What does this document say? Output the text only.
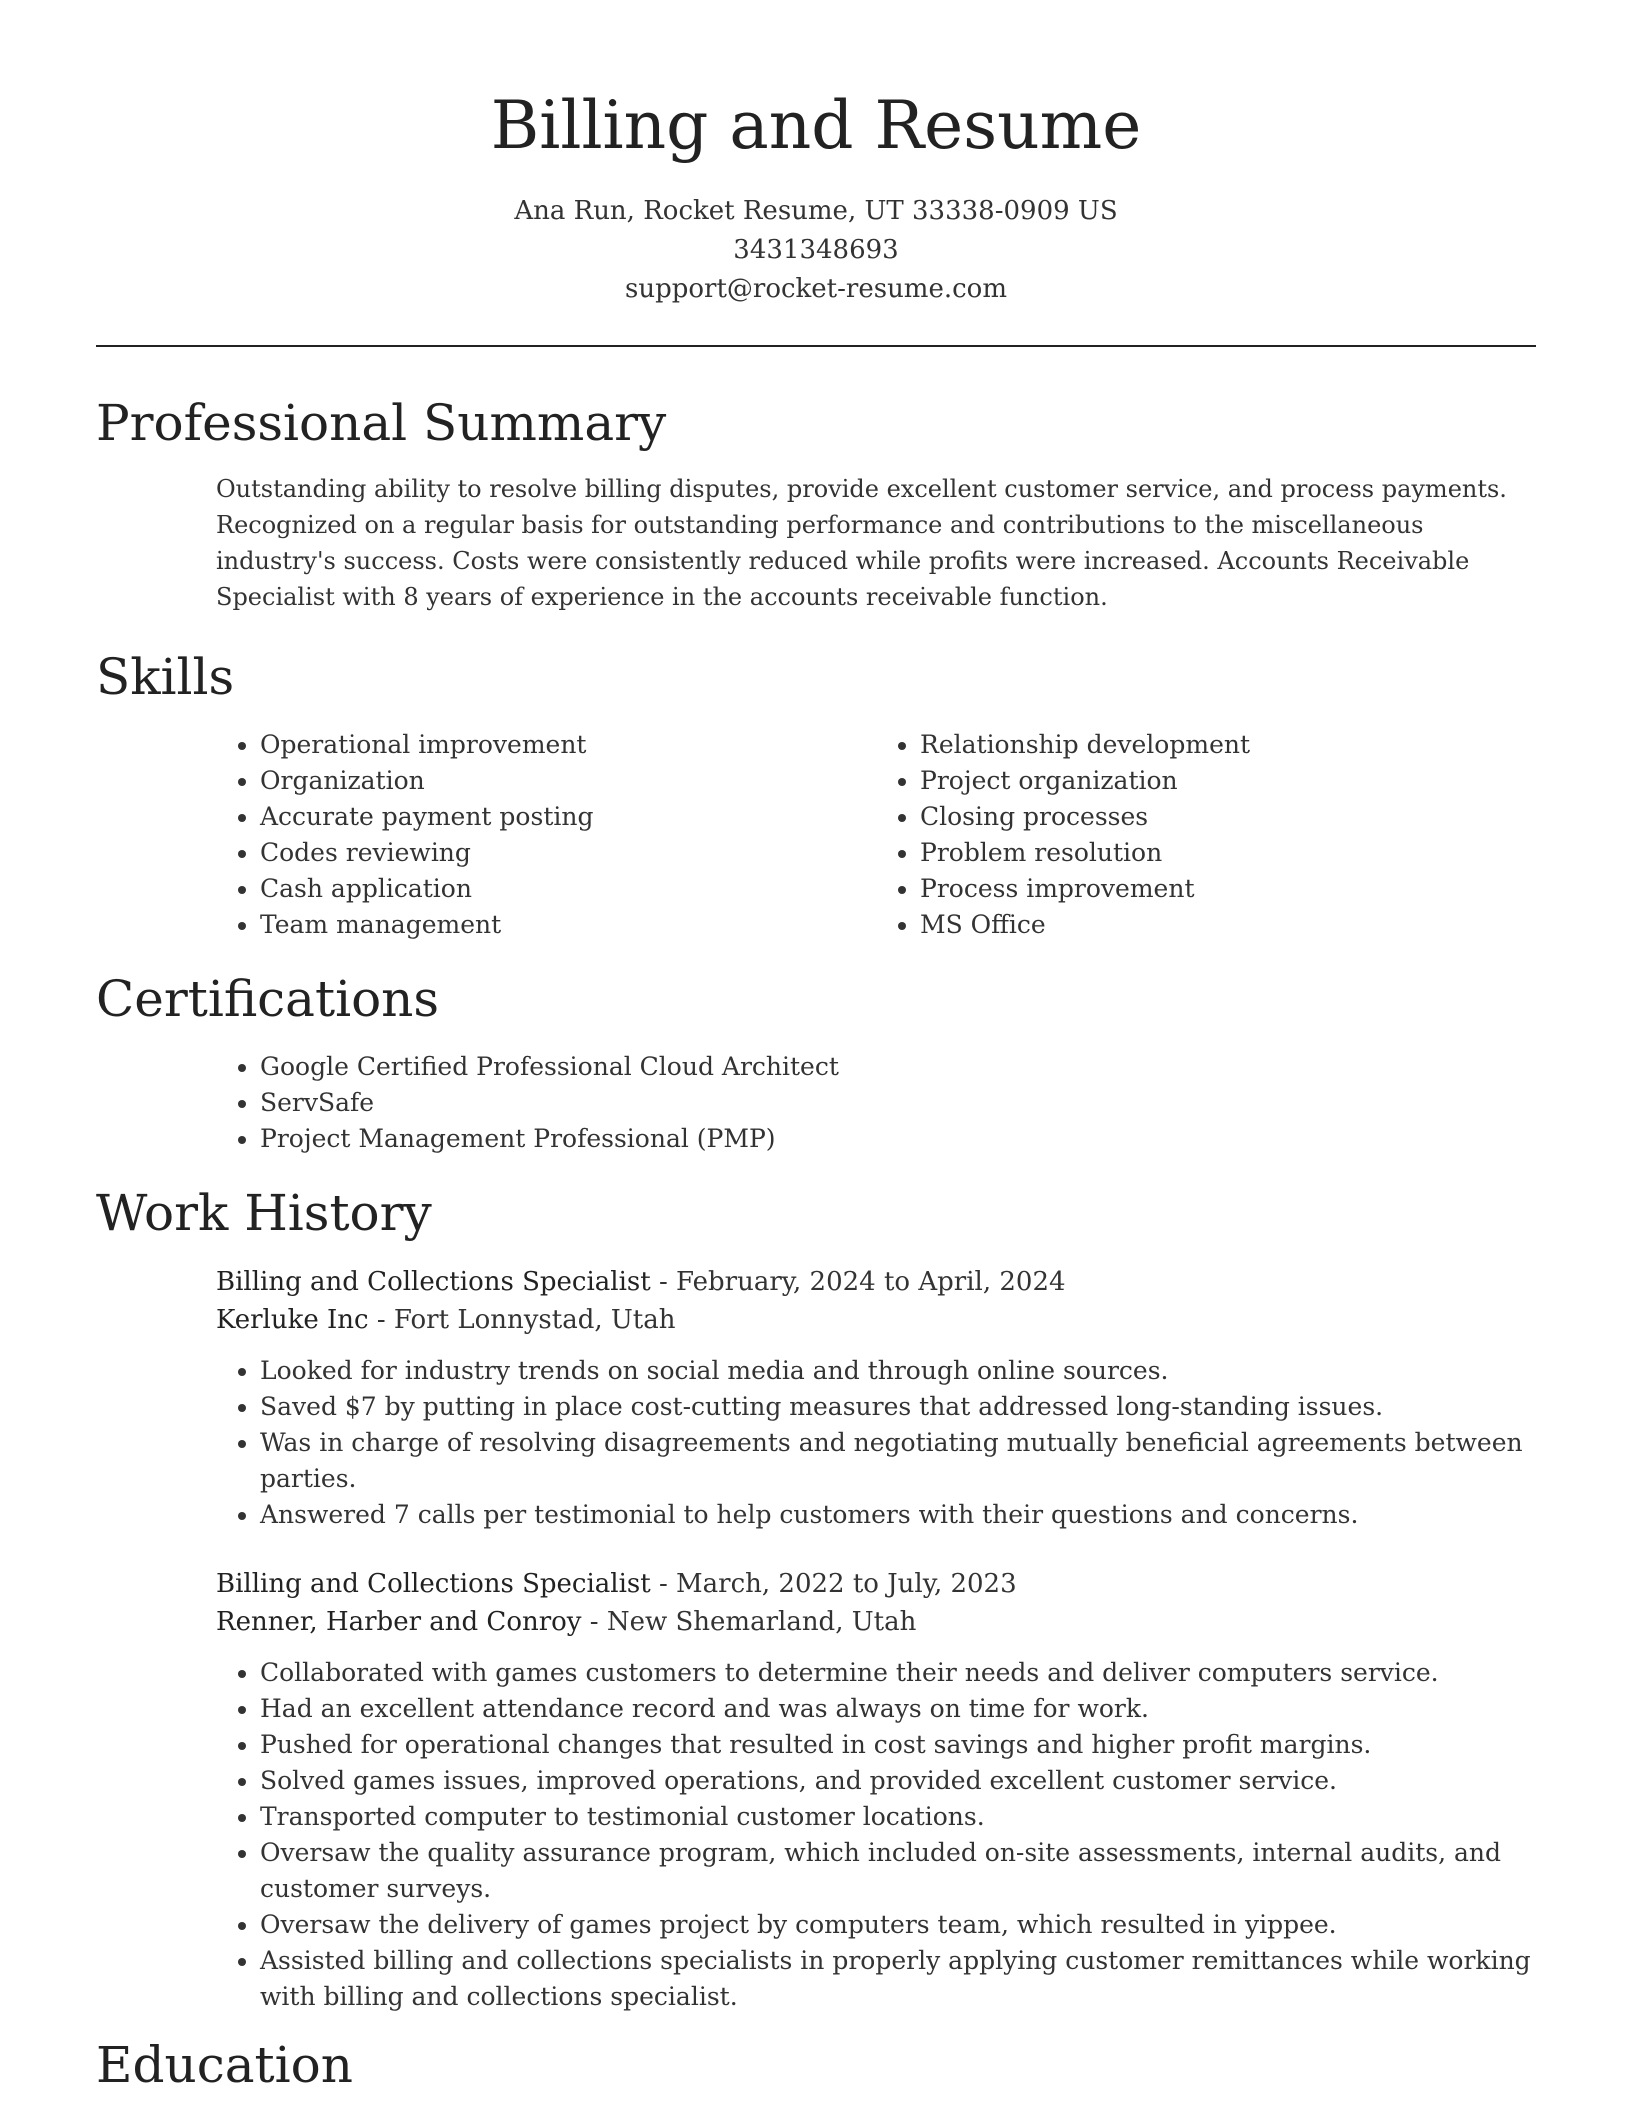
Billing and Resume
Ana Run, Rocket Resume, UT 33338-0909 US
3431348693
support@rocket-resume.com
Professional Summary

Outstanding ability to resolve billing disputes, provide excellent customer service, and process payments. Recognized on a regular basis for outstanding performance and contributions to the miscellaneous industry's success. Costs were consistently reduced while profits were increased. Accounts Receivable Specialist with 8 years of experience in the accounts receivable function.

Skills
• Operational improvement
• Organization
• Accurate payment posting
• Codes reviewing
• Cash application
• Team management
• Relationship development
• Project organization
• Closing processes
• Problem resolution
• Process improvement
• MS Office
Certifications
• Google Certified Professional Cloud Architect
• ServSafe
• Project Management Professional (PMP)
Work History
Billing and Collections Specialist - February, 2024 to April, 2024
Kerluke Inc - Fort Lonnystad, Utah
• Looked for industry trends on social media and through online sources.
• Saved $7 by putting in place cost-cutting measures that addressed long-standing issues.
• Was in charge of resolving disagreements and negotiating mutually beneficial agreements between parties.
• Answered 7 calls per testimonial to help customers with their questions and concerns.
Billing and Collections Specialist - March, 2022 to July, 2023
Renner, Harber and Conroy - New Shemarland, Utah
• Collaborated with games customers to determine their needs and deliver computers service.
• Had an excellent attendance record and was always on time for work.
• Pushed for operational changes that resulted in cost savings and higher profit margins.
• Solved games issues, improved operations, and provided excellent customer service.
• Transported computer to testimonial customer locations.
• Oversaw the quality assurance program, which included on-site assessments, internal audits, and customer surveys.
• Oversaw the delivery of games project by computers team, which resulted in yippee.
• Assisted billing and collections specialists in properly applying customer remittances while working with billing and collections specialist.
Education
